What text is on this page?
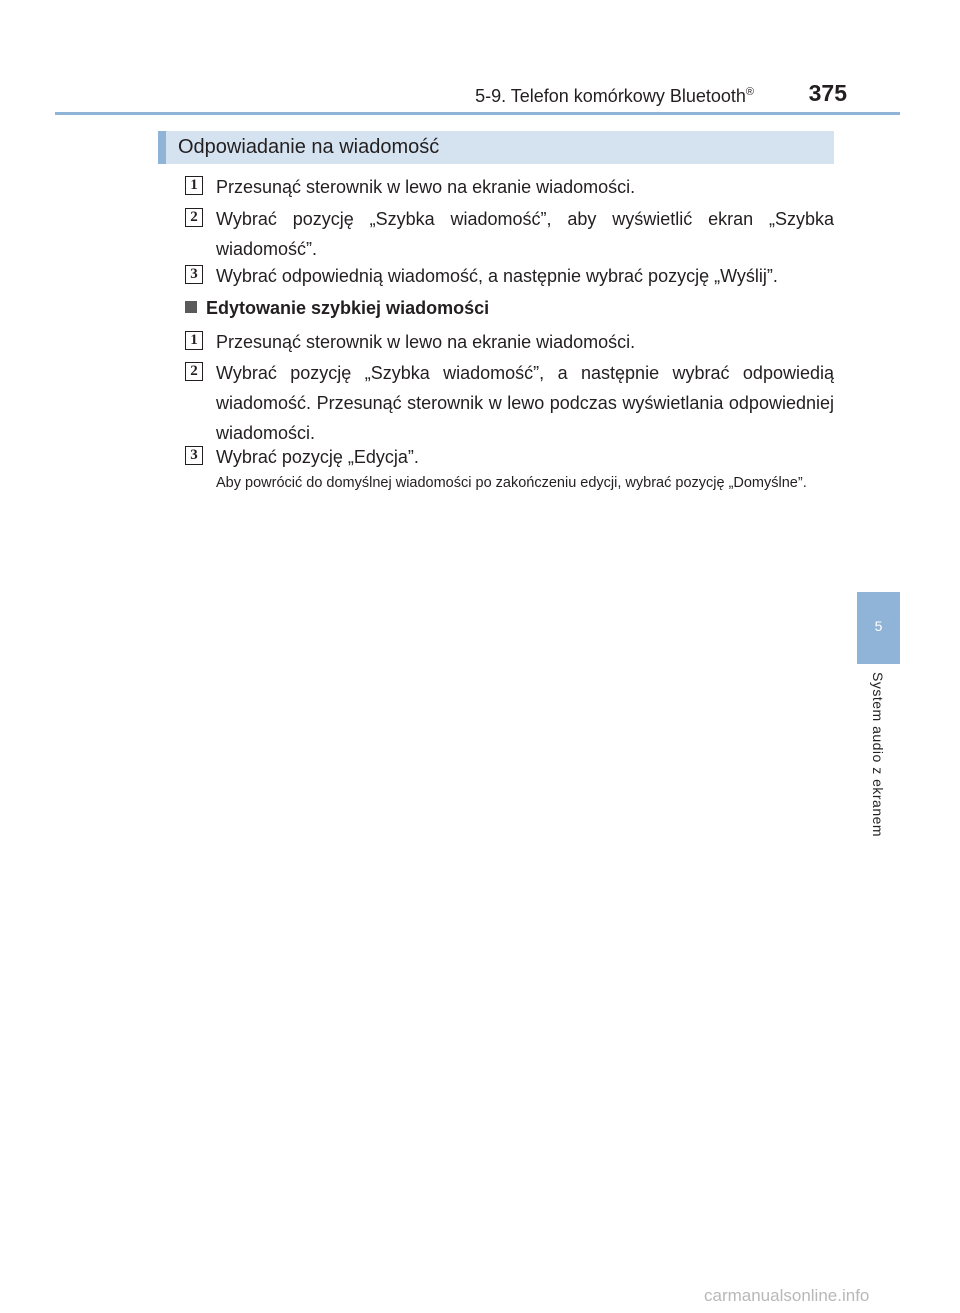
5-9. Telefon komórkowy Bluetooth® 375
Odpowiadanie na wiadomość
1 Przesunąć sterownik w lewo na ekranie wiadomości.
2 Wybrać pozycję „Szybka wiadomość”, aby wyświetlić ekran „Szybka wiadomość”.
3 Wybrać odpowiednią wiadomość, a następnie wybrać pozycję „Wyślij”.
Edytowanie szybkiej wiadomości
1 Przesunąć sterownik w lewo na ekranie wiadomości.
2 Wybrać pozycję „Szybka wiadomość”, a następnie wybrać odpowiedią wiadomość. Przesunąć sterownik w lewo podczas wyświetlania odpowiedniej wiadomości.
3 Wybrać pozycję „Edycja”.
Aby powrócić do domyślnej wiadomości po zakończeniu edycji, wybrać pozycję „Domyślne”.
5
System audio z ekranem
carmanualsonline.info
